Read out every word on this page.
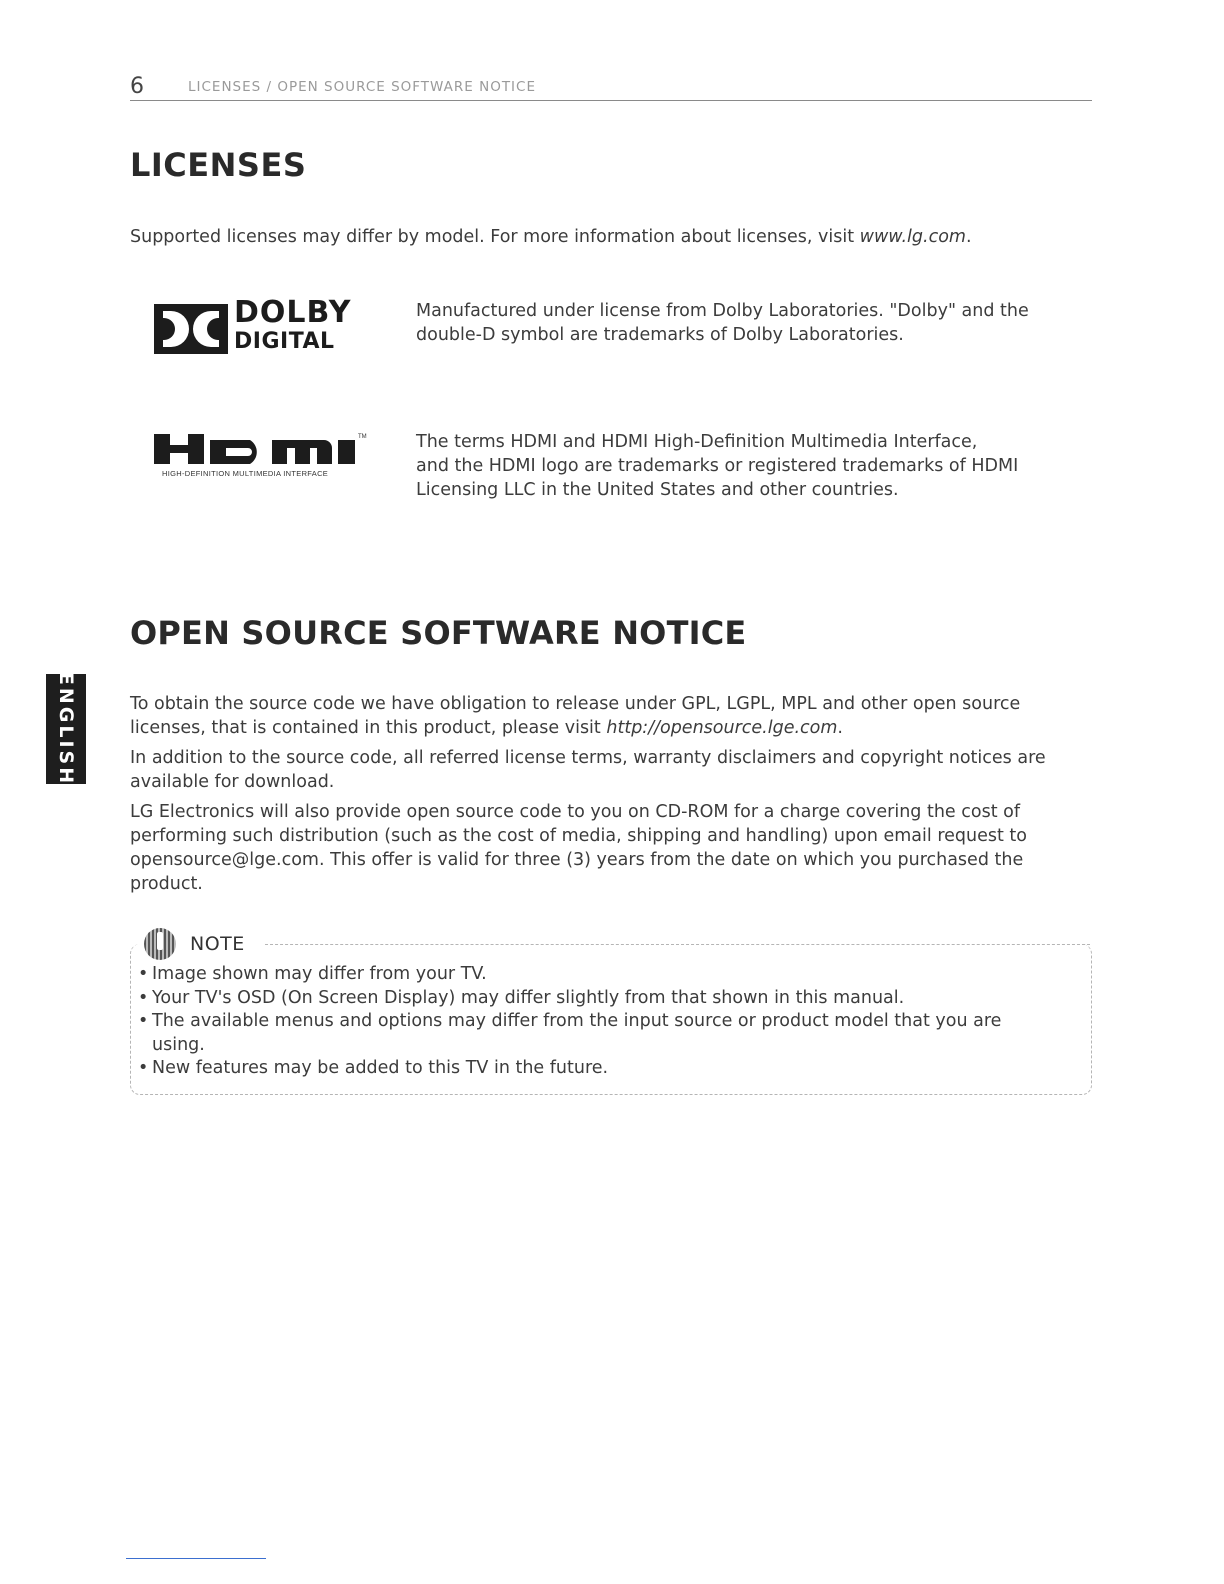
6	LICENSES / OPEN SOURCE SOFTWARE NOTICE
LICENSES
Supported licenses may differ by model. For more information about licenses, visit www.lg.com.
DOLBY
DIGITAL
Manufactured under license from Dolby Laboratories. "Dolby" and the
double-D symbol are trademarks of Dolby Laboratories.
TM
HIGH-DEFINITION MULTIMEDIA INTERFACE
The terms HDMI and HDMI High-Definition Multimedia Interface,
and the HDMI logo are trademarks or registered trademarks of HDMI
Licensing LLC in the United States and other countries.
OPEN SOURCE SOFTWARE NOTICE
ENGLISH	To obtain the source code we have obligation to release under GPL, LGPL, MPL and other open source
licenses, that is contained in this product, please visit http://opensource.lge.com.
In addition to the source code, all referred license terms, warranty disclaimers and copyright notices are
available for download.
LG Electronics will also provide open source code to you on CD-ROM for a charge covering the cost of
performing such distribution (such as the cost of media, shipping and handling) upon email request to
opensource@lge.com. This offer is valid for three (3) years from the date on which you purchased the
product.
NOTE
• Image shown may differ from your TV.
• Your TV's OSD (On Screen Display) may differ slightly from that shown in this manual.
• The available menus and options may differ from the input source or product model that you are
using.
• New features may be added to this TV in the future.
